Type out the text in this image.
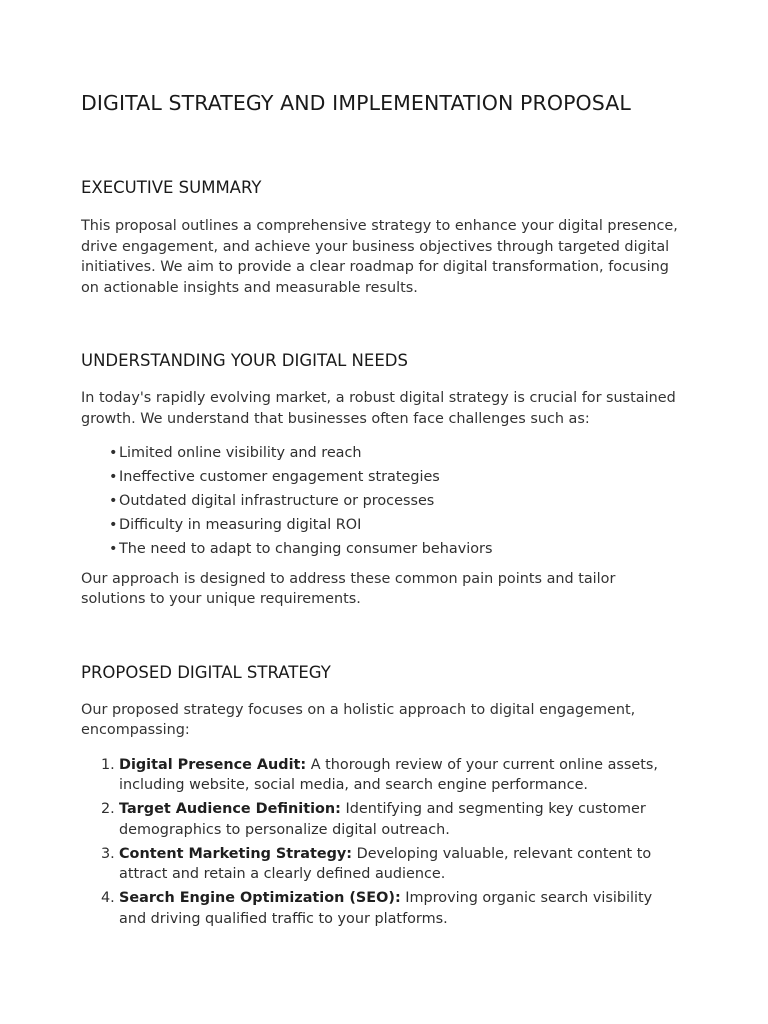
DIGITAL STRATEGY AND IMPLEMENTATION PROPOSAL
EXECUTIVE SUMMARY

This proposal outlines a comprehensive strategy to enhance your digital presence, drive engagement, and achieve your business objectives through targeted digital initiatives. We aim to provide a clear roadmap for digital transformation, focusing on actionable insights and measurable results.

UNDERSTANDING YOUR DIGITAL NEEDS

In today's rapidly evolving market, a robust digital strategy is crucial for sustained growth. We understand that businesses often face challenges such as:

• Limited online visibility and reach
• Ineffective customer engagement strategies
• Outdated digital infrastructure or processes
• Difficulty in measuring digital ROI
• The need to adapt to changing consumer behaviors

Our approach is designed to address these common pain points and tailor solutions to your unique requirements.

PROPOSED DIGITAL STRATEGY

Our proposed strategy focuses on a holistic approach to digital engagement, encompassing:

1. Digital Presence Audit: A thorough review of your current online assets, including website, social media, and search engine performance.
2. Target Audience Definition: Identifying and segmenting key customer demographics to personalize digital outreach.
3. Content Marketing Strategy: Developing valuable, relevant content to attract and retain a clearly defined audience.
4. Search Engine Optimization (SEO): Improving organic search visibility and driving qualified traffic to your platforms.
